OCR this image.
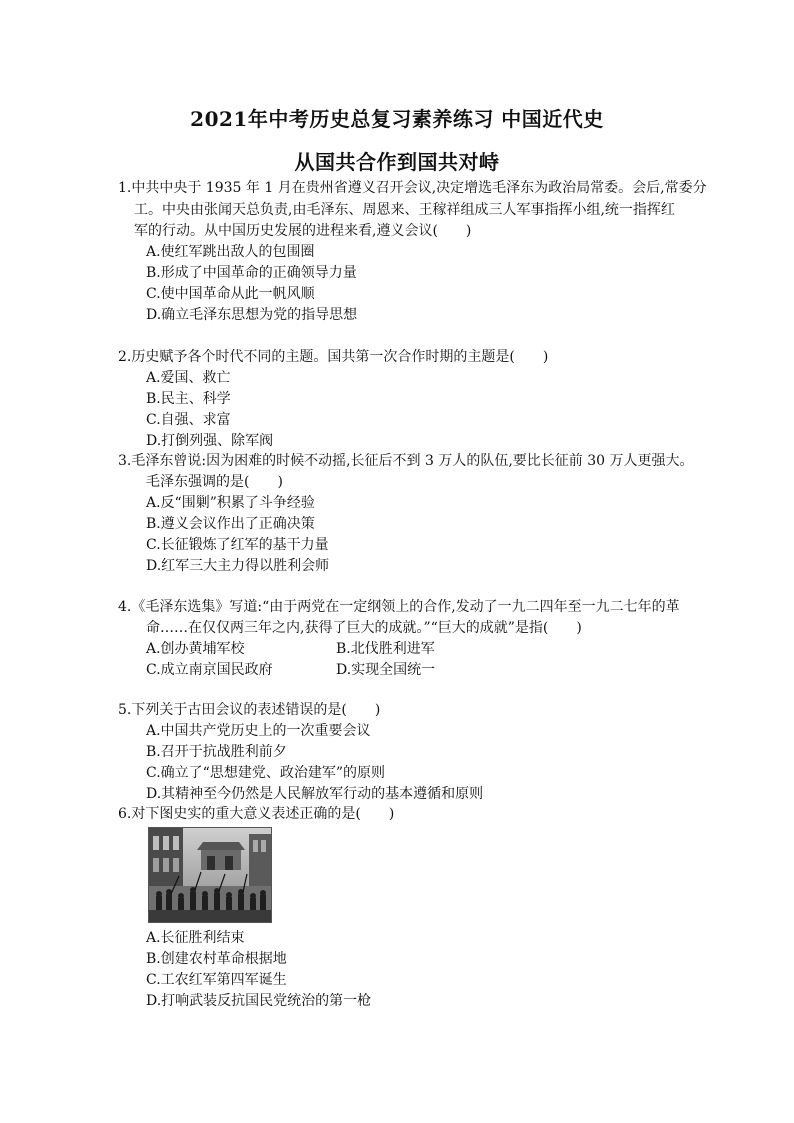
2021年中考历史总复习素养练习 中国近代史
从国共合作到国共对峙
1.中共中央于 1935 年 1 月在贵州省遵义召开会议,决定增选毛泽东为政治局常委。会后,常委分
工。中央由张闻天总负责,由毛泽东、周恩来、王稼祥组成三人军事指挥小组,统一指挥红
军的行动。从中国历史发展的进程来看,遵义会议(　　)
A.使红军跳出敌人的包围圈
B.形成了中国革命的正确领导力量
C.使中国革命从此一帆风顺
D.确立毛泽东思想为党的指导思想
2.历史赋予各个时代不同的主题。国共第一次合作时期的主题是(　　)
A.爱国、救亡
B.民主、科学
C.自强、求富
D.打倒列强、除军阀
3.毛泽东曾说:因为困难的时候不动摇,长征后不到 3 万人的队伍,要比长征前 30 万人更强大。
毛泽东强调的是(　　)
A.反“围剿”积累了斗争经验
B.遵义会议作出了正确决策
C.长征锻炼了红军的基干力量
D.红军三大主力得以胜利会师
4.《毛泽东选集》写道:“由于两党在一定纲领上的合作,发动了一九二四年至一九二七年的革
命……在仅仅两三年之内,获得了巨大的成就。”“巨大的成就”是指(　　)
A.创办黄埔军校	B.北伐胜利进军
C.成立南京国民政府	D.实现全国统一
5.下列关于古田会议的表述错误的是(　　)
A.中国共产党历史上的一次重要会议
B.召开于抗战胜利前夕
C.确立了“思想建党、政治建军”的原则
D.其精神至今仍然是人民解放军行动的基本遵循和原则
6.对下图史实的重大意义表述正确的是(　　)
A.长征胜利结束
B.创建农村革命根据地
C.工农红军第四军诞生
D.打响武装反抗国民党统治的第一枪
